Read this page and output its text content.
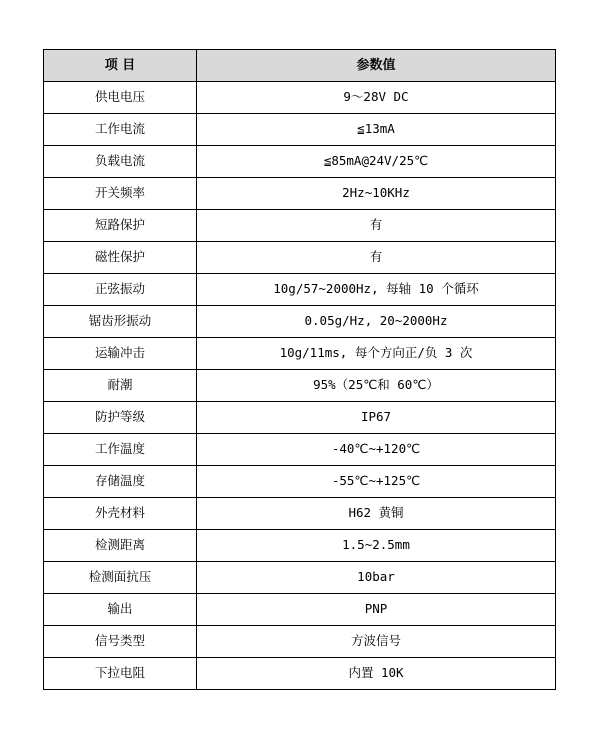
项 目	参数值
供电电压	9～28V DC
工作电流	≦13mA
负载电流	≦85mA@24V/25℃
开关频率	2Hz~10KHz
短路保护	有
磁性保护	有
正弦振动	10g/57~2000Hz, 每轴 10 个循环
锯齿形振动	0.05g/Hz, 20~2000Hz
运输冲击	10g/11ms, 每个方向正/负 3 次
耐潮	95%（25℃和 60℃）
防护等级	IP67
工作温度	-40℃~+120℃
存储温度	-55℃~+125℃
外壳材料	H62 黄铜
检测距离	1.5~2.5mm
检测面抗压	10bar
输出	PNP
信号类型	方波信号
下拉电阻	内置 10K
